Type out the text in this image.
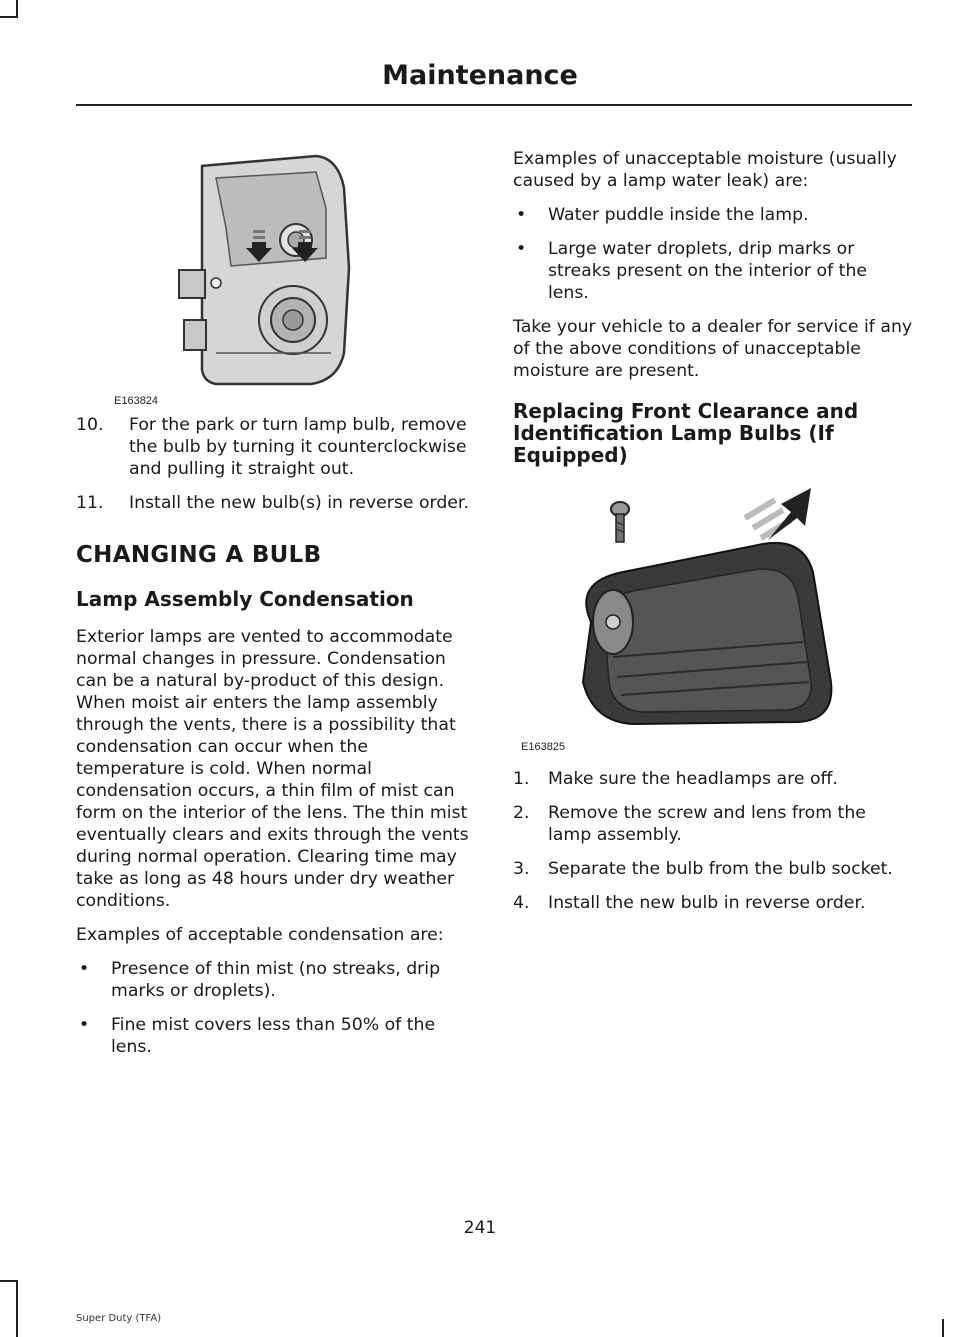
Maintenance
E163824
10. For the park or turn lamp bulb, remove the bulb by turning it counterclockwise and pulling it straight out.
11. Install the new bulb(s) in reverse order.
CHANGING A BULB
Lamp Assembly Condensation

Exterior lamps are vented to accommodate normal changes in pressure. Condensation can be a natural by-product of this design. When moist air enters the lamp assembly through the vents, there is a possibility that condensation can occur when the temperature is cold. When normal condensation occurs, a thin film of mist can form on the interior of the lens. The thin mist eventually clears and exits through the vents during normal operation. Clearing time may take as long as 48 hours under dry weather conditions.

Examples of acceptable condensation are:

• Presence of thin mist (no streaks, drip marks or droplets).
• Fine mist covers less than 50% of the lens.

Examples of unacceptable moisture (usually caused by a lamp water leak) are:

• Water puddle inside the lamp.
• Large water droplets, drip marks or streaks present on the interior of the lens.

Take your vehicle to a dealer for service if any of the above conditions of unacceptable moisture are present.

Replacing Front Clearance and Identification Lamp Bulbs (If Equipped)
E163825
1. Make sure the headlamps are off.
2. Remove the screw and lens from the lamp assembly.
3. Separate the bulb from the bulb socket.
4. Install the new bulb in reverse order.
241
Super Duty (TFA)
